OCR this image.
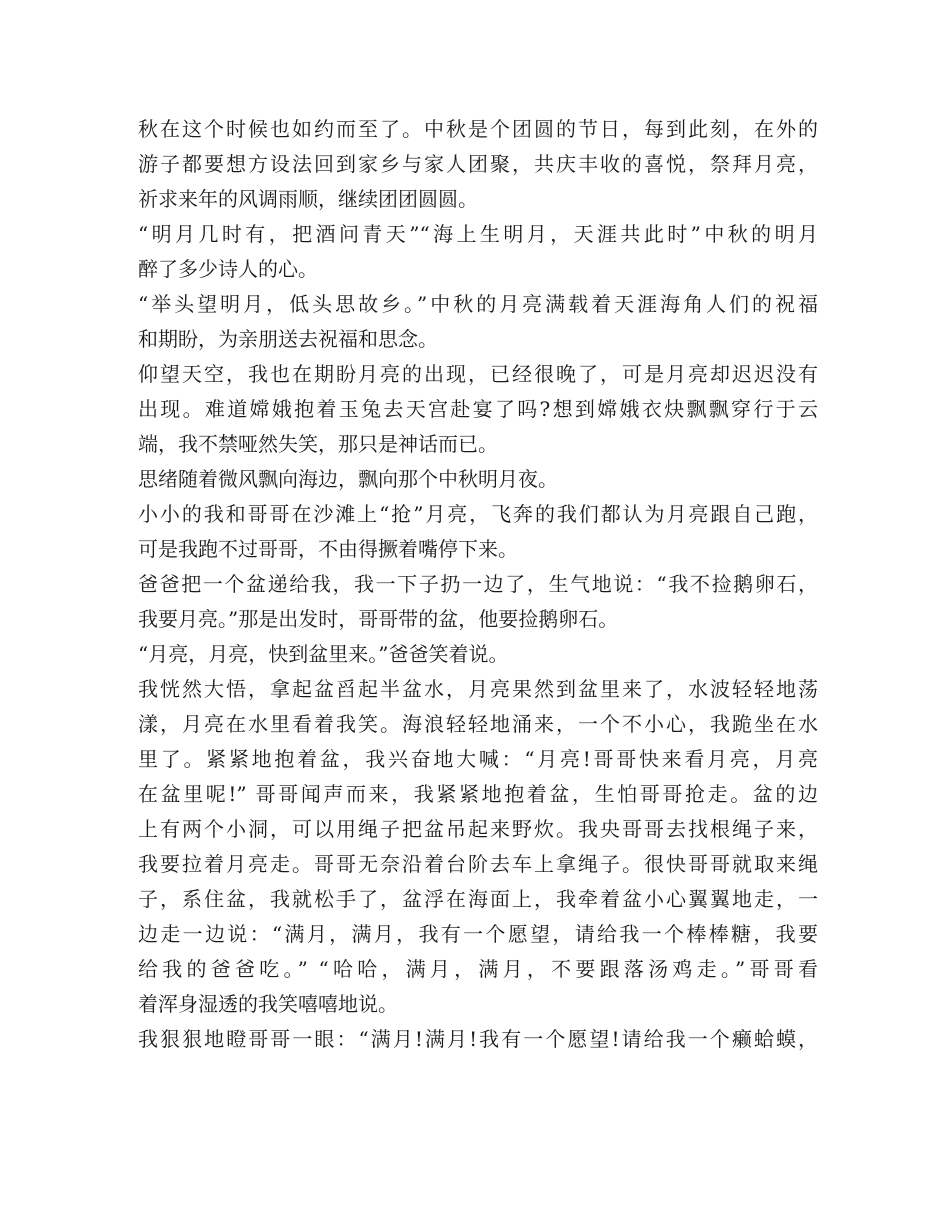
秋在这个时候也如约而至了。中秋是个团圆的节日，每到此刻，在外的
游子都要想方设法回到家乡与家人团聚，共庆丰收的喜悦，祭拜月亮，
祈求来年的风调雨顺，继续团团圆圆。
“明月几时有，把酒问青天”“海上生明月，天涯共此时”中秋的明月
醉了多少诗人的心。
“举头望明月，低头思故乡。”中秋的月亮满载着天涯海角人们的祝福
和期盼，为亲朋送去祝福和思念。
仰望天空，我也在期盼月亮的出现，已经很晚了，可是月亮却迟迟没有
出现。难道嫦娥抱着玉兔去天宫赴宴了吗?想到嫦娥衣炔飘飘穿行于云
端，我不禁哑然失笑，那只是神话而已。
思绪随着微风飘向海边，飘向那个中秋明月夜。
小小的我和哥哥在沙滩上“抢”月亮，飞奔的我们都认为月亮跟自己跑，
可是我跑不过哥哥，不由得撅着嘴停下来。
爸爸把一个盆递给我，我一下子扔一边了，生气地说：“我不捡鹅卵石，
我要月亮。”那是出发时，哥哥带的盆，他要捡鹅卵石。
“月亮，月亮，快到盆里来。”爸爸笑着说。
我恍然大悟，拿起盆舀起半盆水，月亮果然到盆里来了，水波轻轻地荡
漾，月亮在水里看着我笑。海浪轻轻地涌来，一个不小心，我跪坐在水
里了。紧紧地抱着盆，我兴奋地大喊：“月亮!哥哥快来看月亮，月亮
在盆里呢!” 哥哥闻声而来，我紧紧地抱着盆，生怕哥哥抢走。盆的边
上有两个小洞，可以用绳子把盆吊起来野炊。我央哥哥去找根绳子来，
我要拉着月亮走。哥哥无奈沿着台阶去车上拿绳子。很快哥哥就取来绳
子，系住盆，我就松手了，盆浮在海面上，我牵着盆小心翼翼地走，一
边走一边说：“满月，满月，我有一个愿望，请给我一个棒棒糖，我要
给我的爸爸吃。” “哈哈，满月，满月，不要跟落汤鸡走。”哥哥看
着浑身湿透的我笑嘻嘻地说。
我狠狠地瞪哥哥一眼：“满月!满月!我有一个愿望!请给我一个癞蛤蟆，
